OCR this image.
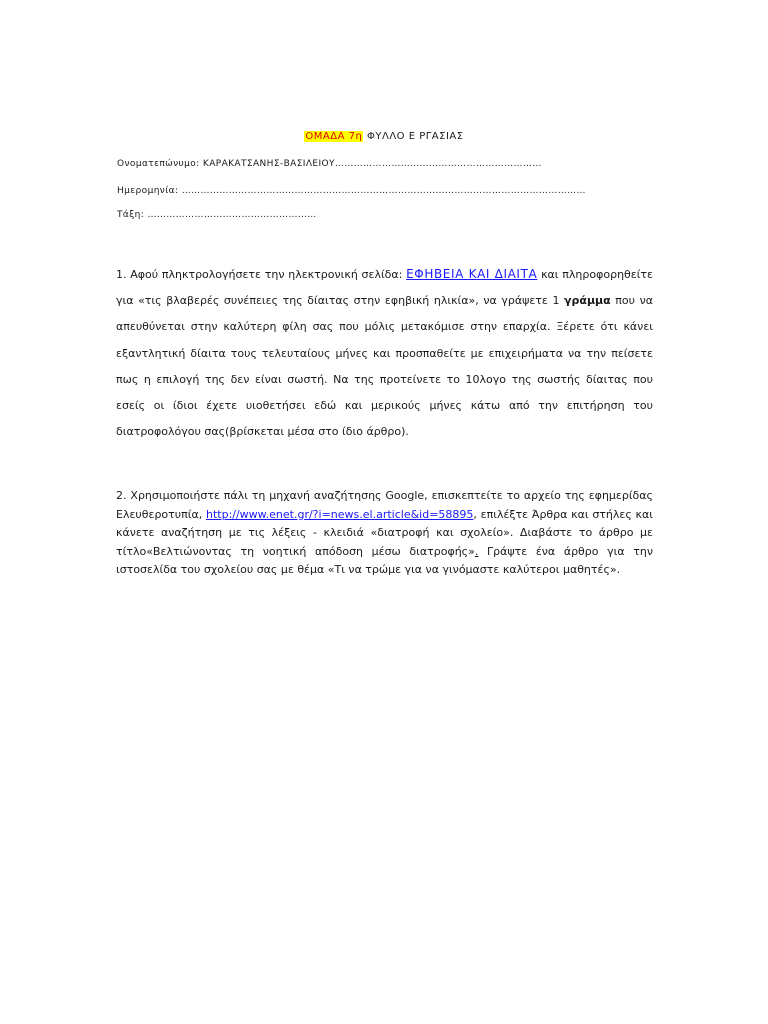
ΟΜΑΔΑ 7η ΦΥΛΛΟ Ε ΡΓΑΣΙΑΣ
Ονοματεπώνυμο: ΚΑΡΑΚΑΤΣΑΝΗΣ-ΒΑΣΙΛΕΙΟΥ…………………………………………………………
Ημερομηνία: …………………………………………………………………………………………………………………
Τάξη: ………………………………………………
1. Αφού πληκτρολογήσετε την ηλεκτρονική σελίδα: ΕΦΗΒΕΙΑ ΚΑΙ ΔΙΑΙΤΑ και πληροφορηθείτε για «τις βλαβερές συνέπειες της δίαιτας στην εφηβική ηλικία», να γράψετε 1 γράμμα που να απευθύνεται στην καλύτερη φίλη σας που μόλις μετακόμισε στην επαρχία. Ξέρετε ότι κάνει εξαντλητική δίαιτα τους τελευταίους μήνες και προσπαθείτε με επιχειρήματα να την πείσετε πως η επιλογή της δεν είναι σωστή. Να της προτείνετε το 10λογο της σωστής δίαιτας που εσείς οι ίδιοι έχετε υιοθετήσει εδώ και μερικούς μήνες κάτω από την επιτήρηση του διατροφολόγου σας(βρίσκεται μέσα στο ίδιο άρθρο).
2. Χρησιμοποιήστε πάλι τη μηχανή αναζήτησης Google, επισκεπτείτε το αρχείο της εφημερίδας Ελευθεροτυπία, http://www.enet.gr/?i=news.el.article&id=58895, επιλέξτε Άρθρα και στήλες και κάνετε αναζήτηση με τις λέξεις - κλειδιά «διατροφή και σχολείο». Διαβάστε το άρθρο με τίτλο«Βελτιώνοντας τη νοητική απόδοση μέσω διατροφής». Γράψτε ένα άρθρο για την ιστοσελίδα του σχολείου σας με θέμα «Τι να τρώμε για να γινόμαστε καλύτεροι μαθητές».
